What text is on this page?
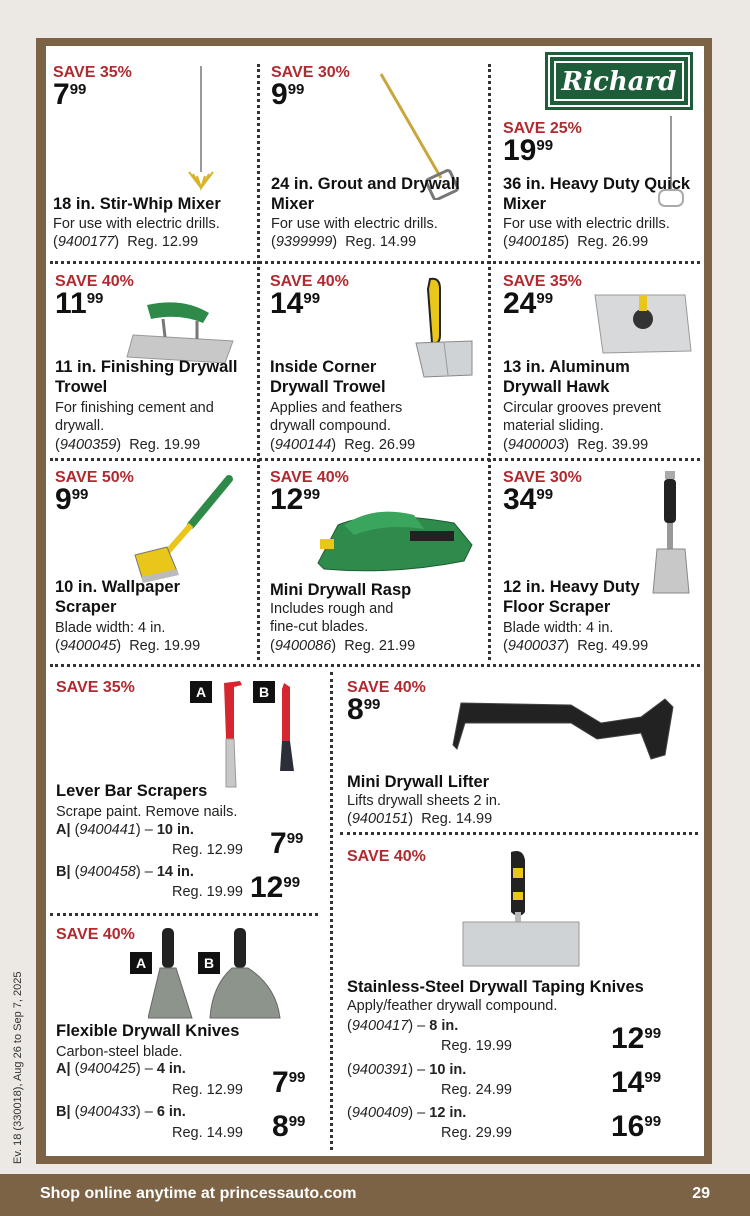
Richard
SAVE 35%
$7^{99}$
18 in. Stir-Whip Mixer
For use with electric drills.
(9400177)  Reg. 12.99
SAVE 30%
$9^{99}$
24 in. Grout and Drywall Mixer
For use with electric drills.
(9399999)  Reg. 14.99
SAVE 25%
$19^{99}$
36 in. Heavy Duty Quick Mixer
For use with electric drills.
(9400185)  Reg. 26.99
SAVE 40%
$11^{99}$
11 in. Finishing Drywall Trowel
For finishing cement and drywall.
(9400359)  Reg. 19.99
SAVE 40%
$14^{99}$
Inside Corner Drywall Trowel
Applies and feathers drywall compound.
(9400144)  Reg. 26.99
SAVE 35%
$24^{99}$
13 in. Aluminum Drywall Hawk
Circular grooves prevent material sliding.
(9400003)  Reg. 39.99
SAVE 50%
$9^{99}$
10 in. Wallpaper Scraper
Blade width: 4 in.
(9400045)  Reg. 19.99
SAVE 40%
$12^{99}$
Mini Drywall Rasp
Includes rough and fine-cut blades.
(9400086)  Reg. 21.99
SAVE 30%
$34^{99}$
12 in. Heavy Duty Floor Scraper
Blade width: 4 in.
(9400037)  Reg. 49.99
SAVE 35%	A	B
Lever Bar Scrapers
Scrape paint. Remove nails.
A| (9400441) – 10 in.
Reg. 12.99 $7^{99}$
B| (9400458) – 14 in.
Reg. 19.99 $12^{99}$
SAVE 40%
A	B
Flexible Drywall Knives
Carbon-steel blade.
A| (9400425) – 4 in.
Reg. 12.99 $7^{99}$
B| (9400433) – 6 in.
Reg. 14.99 $8^{99}$
SAVE 40%
$8^{99}$
Mini Drywall Lifter
Lifts drywall sheets 2 in.
(9400151)  Reg. 14.99
SAVE 40%
Stainless-Steel Drywall Taping Knives
Apply/feather drywall compound.
(9400417) – 8 in.
Reg. 19.99	$12^{99}$
(9400391) – 10 in.
Reg. 24.99	$14^{99}$
(9400409) – 12 in.
Reg. 29.99	$16^{99}$
Ev. 18 (330018), Aug 26 to Sep 7, 2025
Shop online anytime at princessauto.com	29
